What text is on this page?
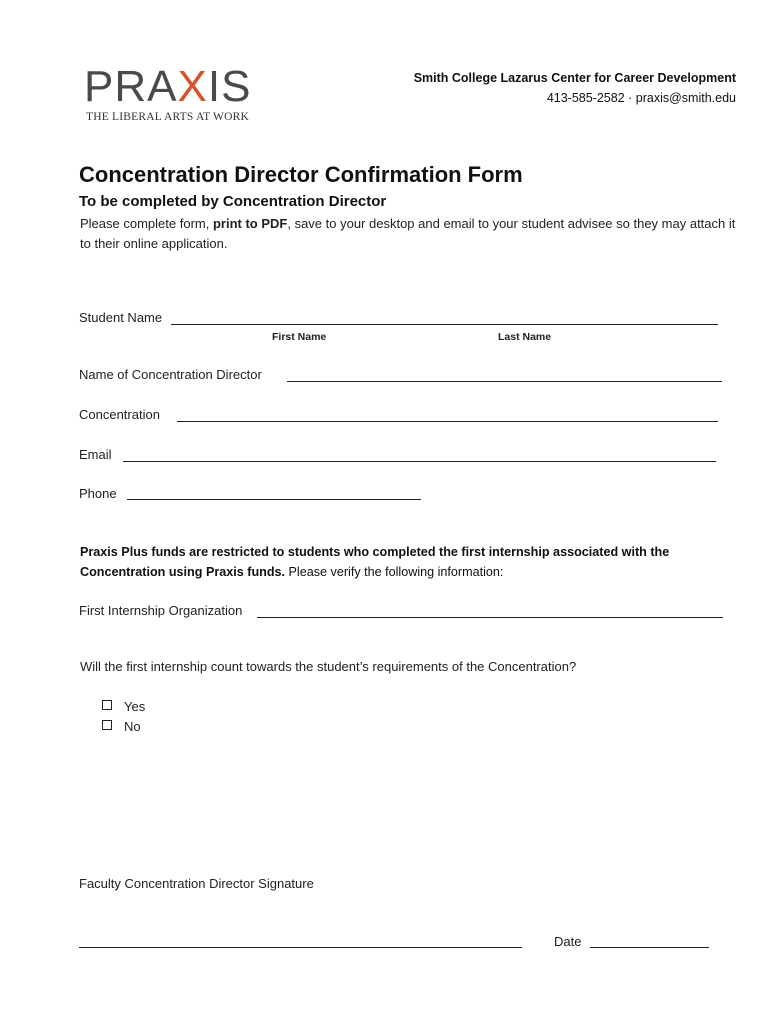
PRAXIS
THE LIBERAL ARTS AT WORK
Smith College Lazarus Center for Career Development
413-585-2582 · praxis@smith.edu
Concentration Director Confirmation Form
To be completed by Concentration Director
Please complete form, print to PDF, save to your desktop and email to your student advisee so they may attach it to their online application.
Student Name
First Name	Last Name
Name of Concentration Director
Concentration
Email
Phone
Praxis Plus funds are restricted to students who completed the first internship associated with the Concentration using Praxis funds. Please verify the following information:
First Internship Organization
Will the first internship count towards the student’s requirements of the Concentration?
Yes
No
Faculty Concentration Director Signature
Date
